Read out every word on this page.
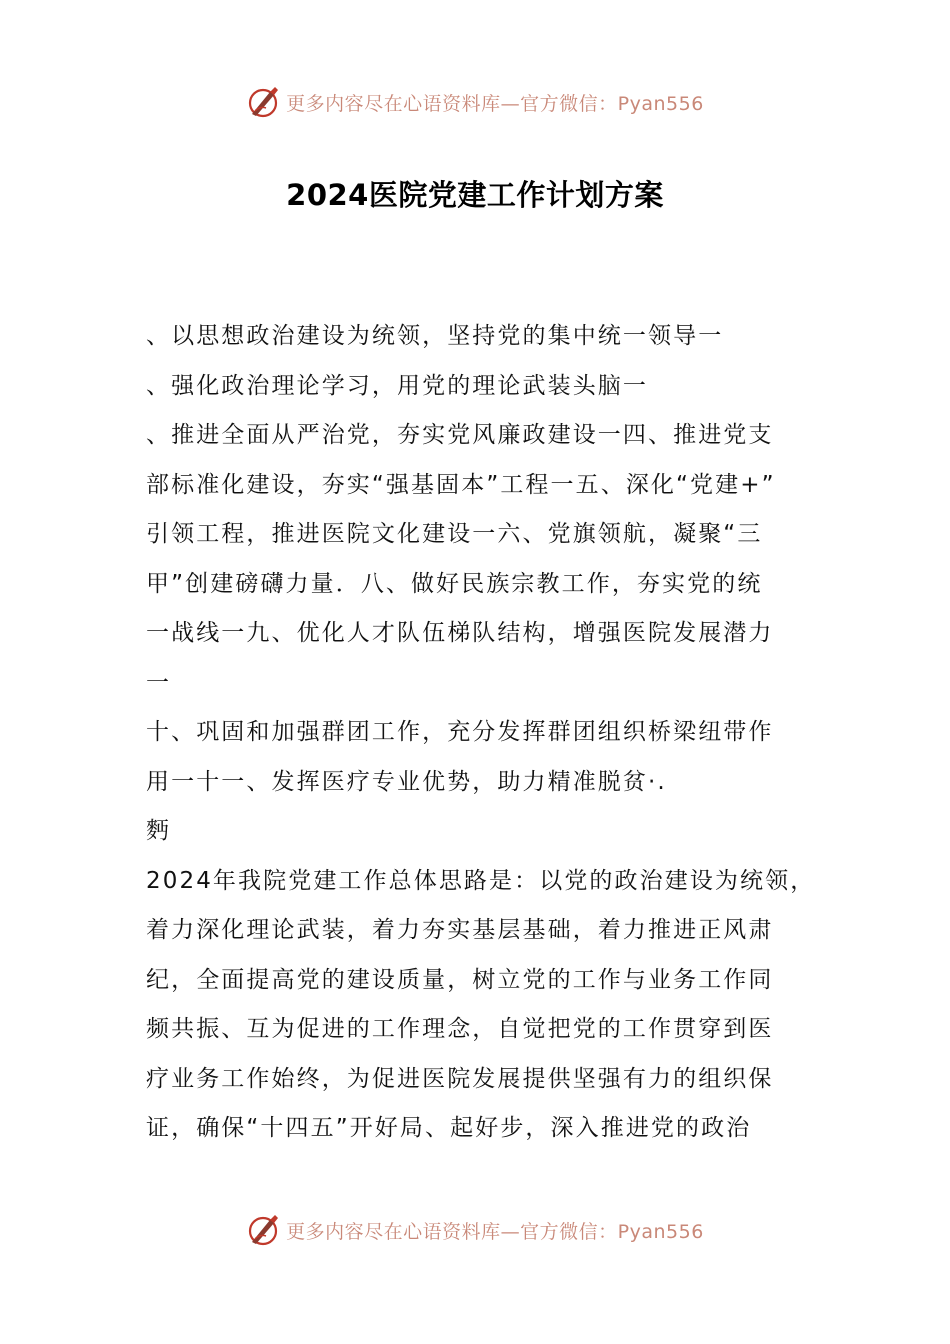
更多内容尽在心语资料库—官方微信：Pyan556
2024医院党建工作计划方案
、以思想政治建设为统领，坚持党的集中统一领导一
、强化政治理论学习，用党的理论武装头脑一
、推进全面从严治党，夯实党风廉政建设一四、推进党支
部标准化建设，夯实“强基固本”工程一五、深化“党建+”
引领工程，推进医院文化建设一六、党旗领航，凝聚“三
甲”创建磅礴力量．八、做好民族宗教工作，夯实党的统
一战线一九、优化人才队伍梯队结构，增强医院发展潜力
一
十、巩固和加强群团工作，充分发挥群团组织桥梁纽带作
用一十一、发挥医疗专业优势，助力精准脱贫·.
麪
2024年我院党建工作总体思路是：以党的政治建设为统领，
着力深化理论武装，着力夯实基层基础，着力推进正风肃
纪，全面提高党的建设质量，树立党的工作与业务工作同
频共振、互为促进的工作理念，自觉把党的工作贯穿到医
疗业务工作始终，为促进医院发展提供坚强有力的组织保
证，确保“十四五”开好局、起好步，深入推进党的政治
更多内容尽在心语资料库—官方微信：Pyan556
